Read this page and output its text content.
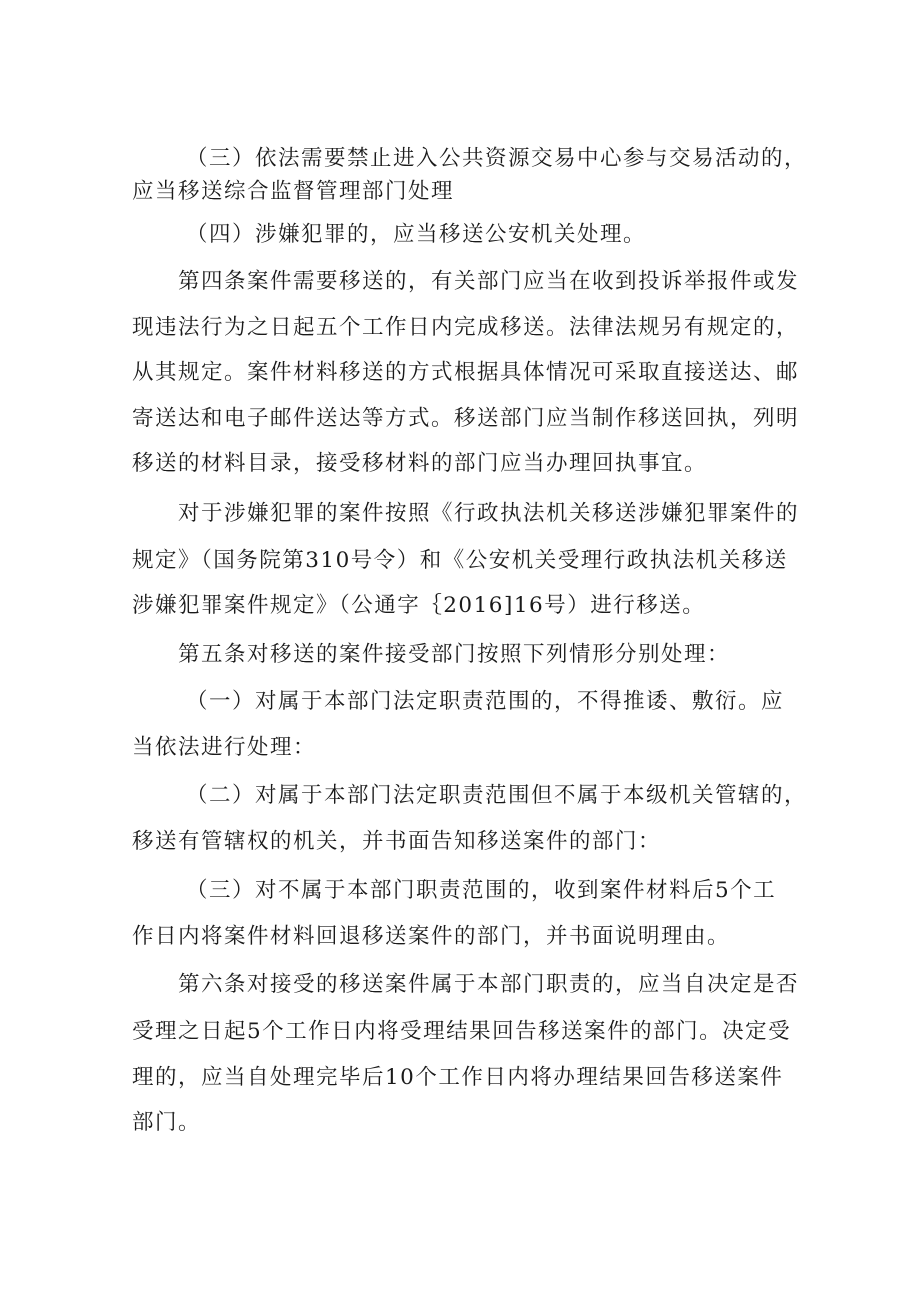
（三）依法需要禁止进入公共资源交易中心参与交易活动的，
应当移送综合监督管理部门处理
（四）涉嫌犯罪的，应当移送公安机关处理。
第四条案件需要移送的，有关部门应当在收到投诉举报件或发
现违法行为之日起五个工作日内完成移送。法律法规另有规定的，
从其规定。案件材料移送的方式根据具体情况可采取直接送达、邮
寄送达和电子邮件送达等方式。移送部门应当制作移送回执，列明
移送的材料目录，接受移材料的部门应当办理回执事宜。
对于涉嫌犯罪的案件按照《行政执法机关移送涉嫌犯罪案件的
规定》（国务院第310号令）和《公安机关受理行政执法机关移送
涉嫌犯罪案件规定》（公通字｛2016]16号）进行移送。
第五条对移送的案件接受部门按照下列情形分别处理：
（一）对属于本部门法定职责范围的，不得推诿、敷衍。应
当依法进行处理：
（二）对属于本部门法定职责范围但不属于本级机关管辖的，
移送有管辖权的机关，并书面告知移送案件的部门：
（三）对不属于本部门职责范围的，收到案件材料后5个工
作日内将案件材料回退移送案件的部门，并书面说明理由。
第六条对接受的移送案件属于本部门职责的，应当自决定是否
受理之日起5个工作日内将受理结果回告移送案件的部门。决定受
理的，应当自处理完毕后10个工作日内将办理结果回告移送案件
部门。
